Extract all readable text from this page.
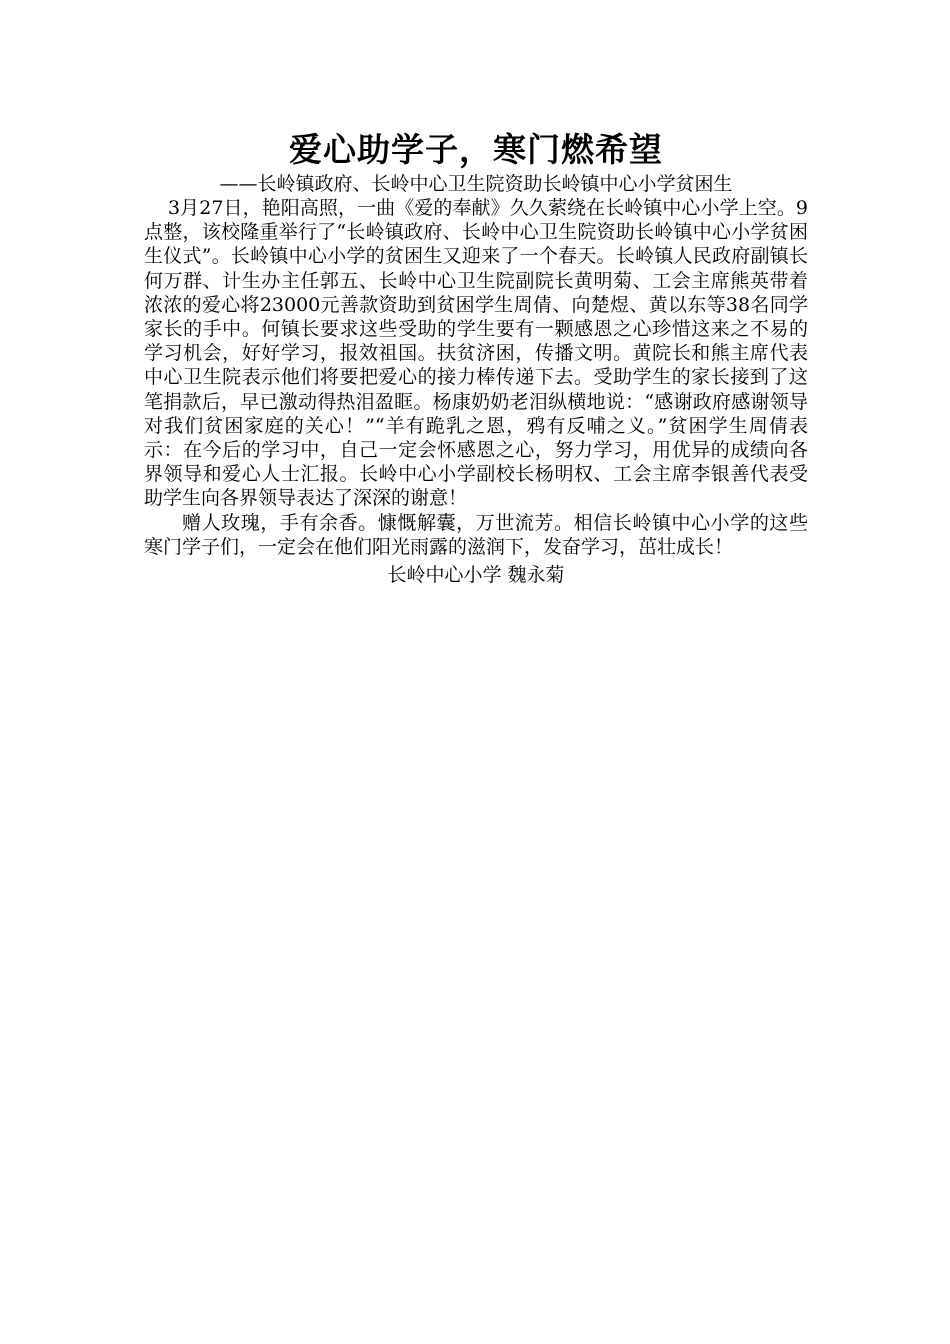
爱心助学子，寒门燃希望

——长岭镇政府、长岭中心卫生院资助长岭镇中心小学贫困生

3月27日，艳阳高照，一曲《爱的奉献》久久萦绕在长岭镇中心小学上空。9点整，该校隆重举行了“长岭镇政府、长岭中心卫生院资助长岭镇中心小学贫困生仪式”。长岭镇中心小学的贫困生又迎来了一个春天。长岭镇人民政府副镇长何万群、计生办主任郭五、长岭中心卫生院副院长黄明菊、工会主席熊英带着浓浓的爱心将23000元善款资助到贫困学生周倩、向楚煜、黄以东等38名同学家长的手中。何镇长要求这些受助的学生要有一颗感恩之心珍惜这来之不易的学习机会，好好学习，报效祖国。扶贫济困，传播文明。黄院长和熊主席代表中心卫生院表示他们将要把爱心的接力棒传递下去。受助学生的家长接到了这笔捐款后，早已激动得热泪盈眶。杨康奶奶老泪纵横地说：“感谢政府感谢领导对我们贫困家庭的关心！”“羊有跪乳之恩，鸦有反哺之义。”贫困学生周倩表示：在今后的学习中，自己一定会怀感恩之心，努力学习，用优异的成绩向各界领导和爱心人士汇报。长岭中心小学副校长杨明权、工会主席李银善代表受助学生向各界领导表达了深深的谢意！

赠人玫瑰，手有余香。慷慨解囊，万世流芳。相信长岭镇中心小学的这些寒门学子们，一定会在他们阳光雨露的滋润下，发奋学习，茁壮成长！

长岭中心小学 魏永菊
